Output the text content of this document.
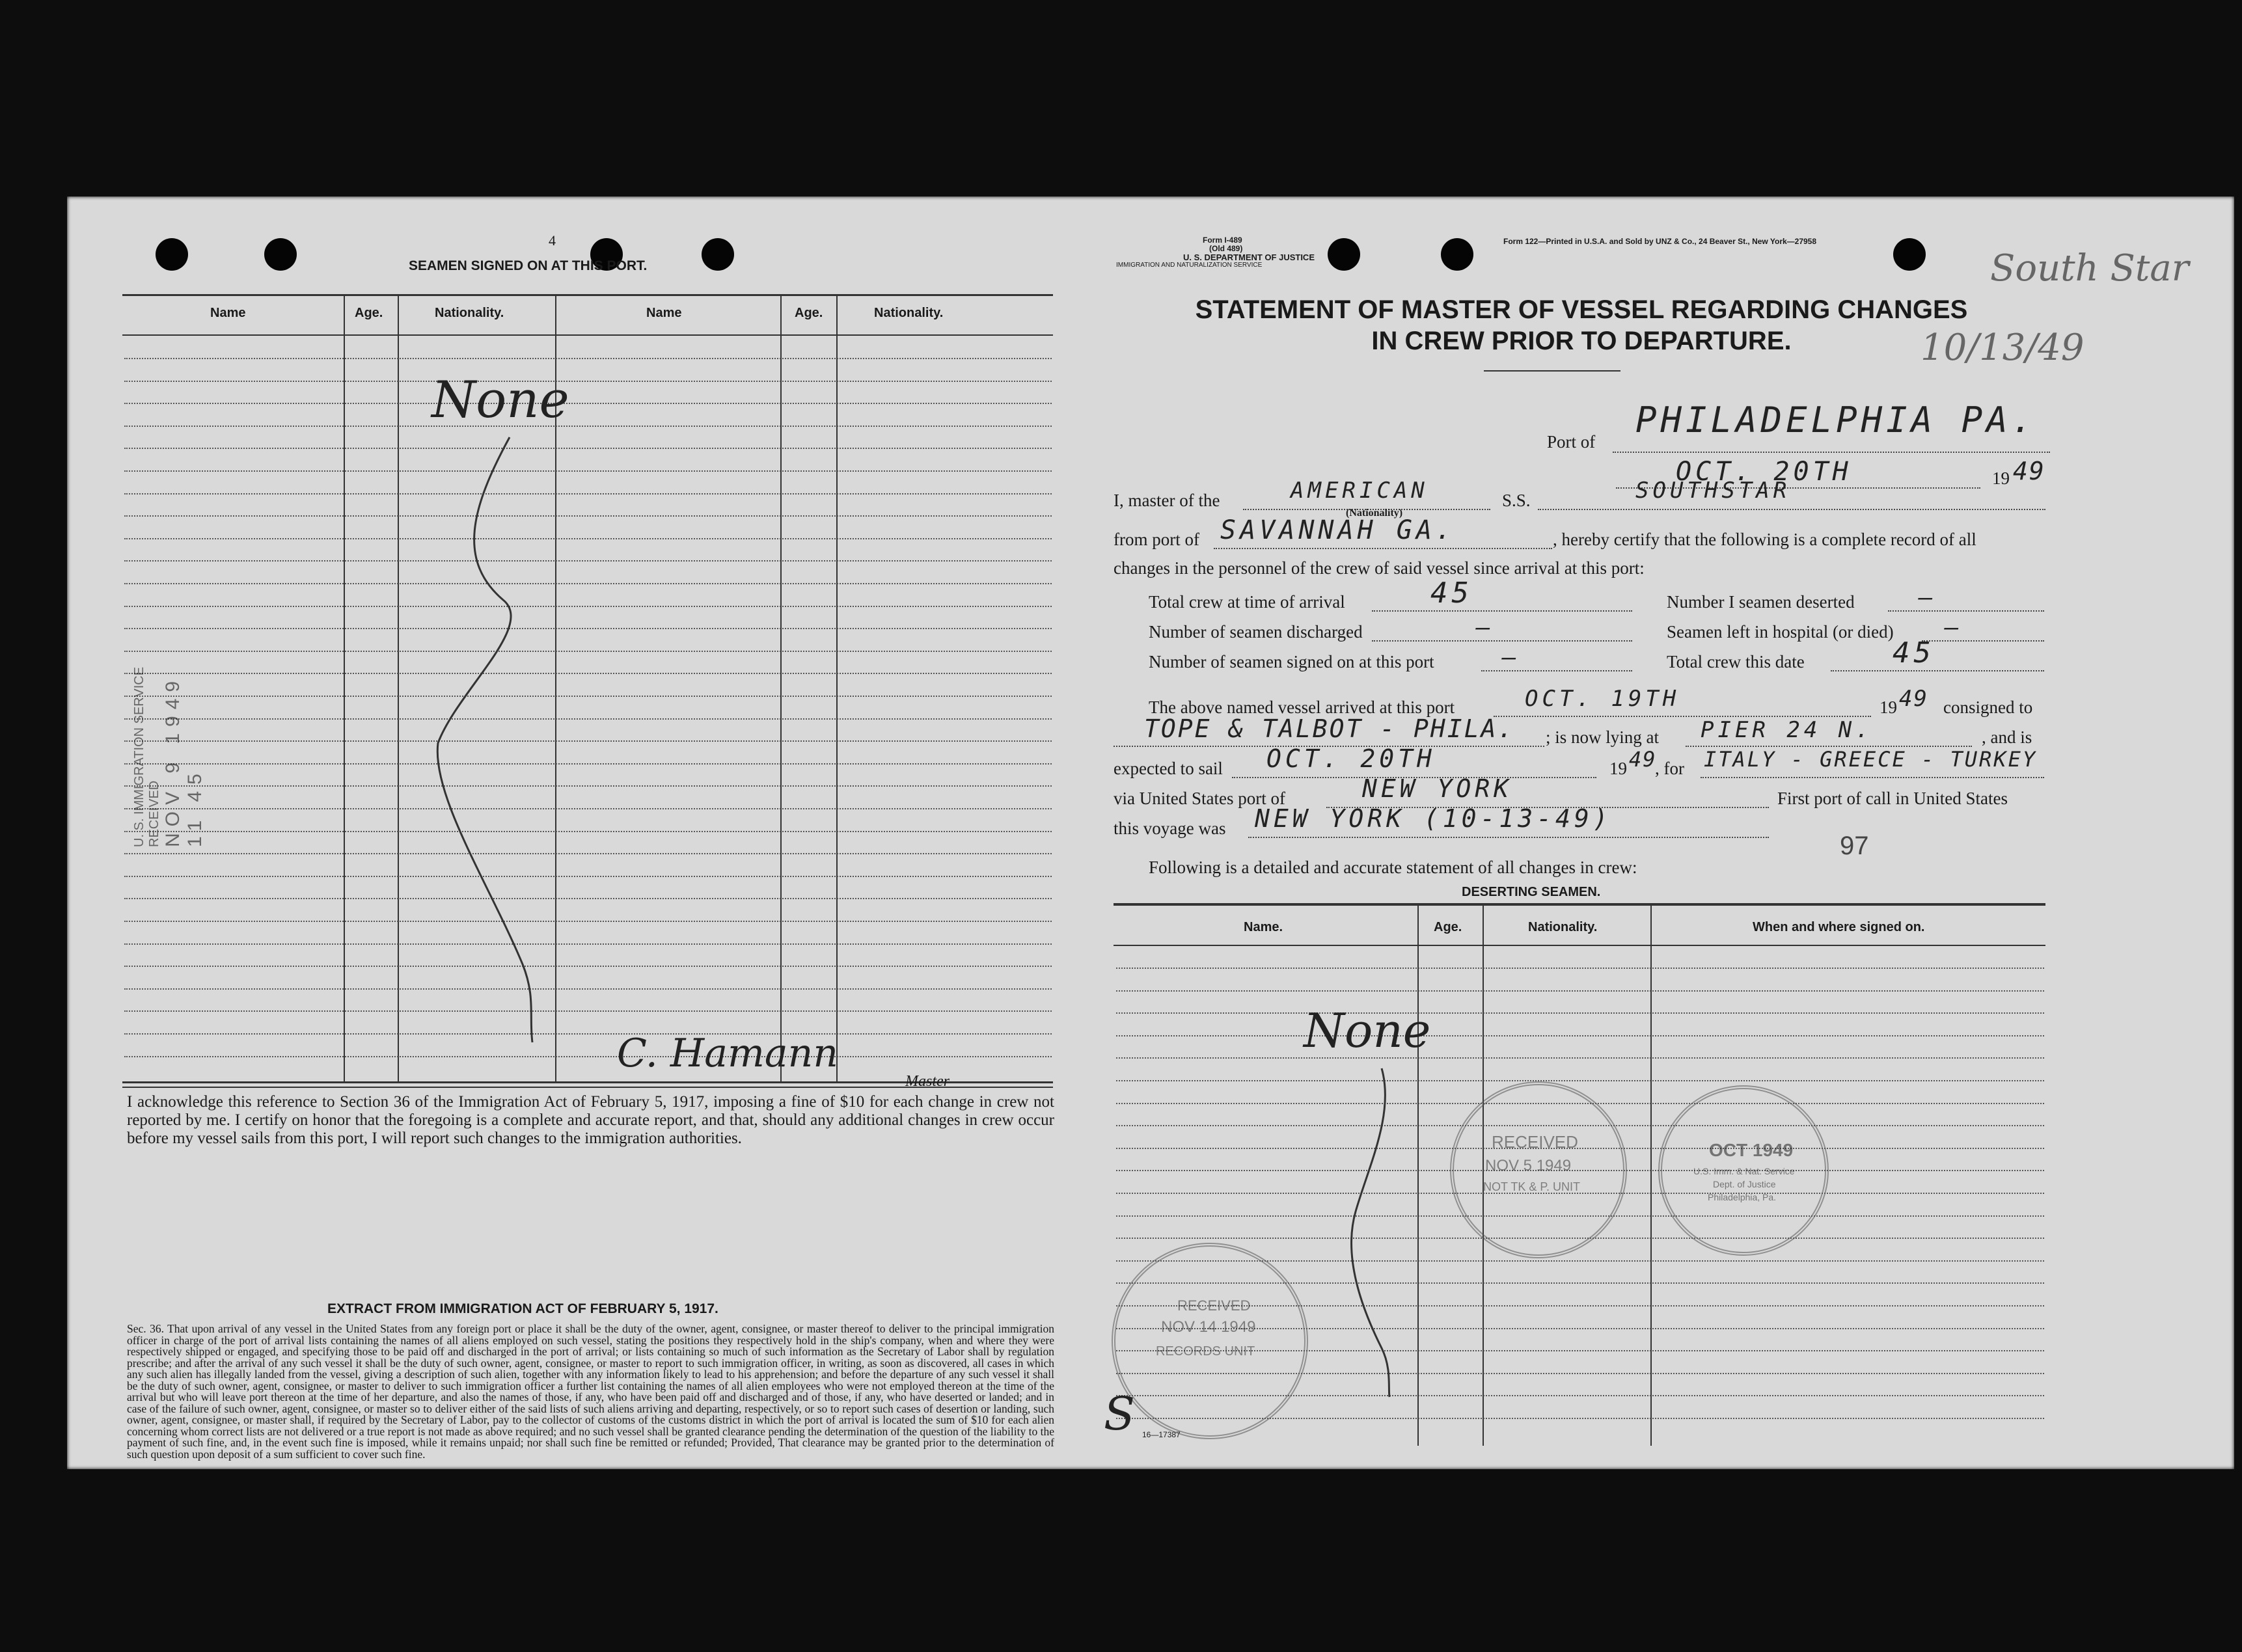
4
SEAMEN SIGNED ON AT THIS PORT.
Name	Age.	Nationality.	Name	Age.	Nationality.
None
U. S. IMMIGRATION SERVICE RECEIVED NOV 9 1949 11 45

I acknowledge this reference to Section 36 of the Immigration Act of February 5, 1917, imposing a fine of $10 for each change in crew not reported by me. I certify on honor that the foregoing is a complete and accurate report, and that, should any additional changes in crew occur before my vessel sails from this port, I will report such changes to the immigration authorities.

C. Hamann
Master
EXTRACT FROM IMMIGRATION ACT OF FEBRUARY 5, 1917.

Sec. 36. That upon arrival of any vessel in the United States from any foreign port or place it shall be the duty of the owner, agent, consignee, or master thereof to deliver to the principal immigration officer in charge of the port of arrival lists containing the names of all aliens employed on such vessel, stating the positions they respectively hold in the ship's company, when and where they were respectively shipped or engaged, and specifying those to be paid off and discharged in the port of arrival; or lists containing so much of such information as the Secretary of Labor shall by regulation prescribe; and after the arrival of any such vessel it shall be the duty of such owner, agent, consignee, or master to report to such immigration officer, in writing, as soon as discovered, all cases in which any such alien has illegally landed from the vessel, giving a description of such alien, together with any information likely to lead to his apprehension; and before the departure of any such vessel it shall be the duty of such owner, agent, consignee, or master to deliver to such immigration officer a further list containing the names of all alien employees who were not employed thereon at the time of the arrival but who will leave port thereon at the time of her departure, and also the names of those, if any, who have been paid off and discharged and of those, if any, who have deserted or landed; and in case of the failure of such owner, agent, consignee, or master so to deliver either of the said lists of such aliens arriving and departing, respectively, or so to report such cases of desertion or landing, such owner, agent, consignee, or master shall, if required by the Secretary of Labor, pay to the collector of customs of the customs district in which the port of arrival is located the sum of $10 for each alien concerning whom correct lists are not delivered or a true report is not made as above required; and no such vessel shall be granted clearance pending the determination of the question of the liability to the payment of such fine, and, in the event such fine is imposed, while it remains unpaid; nor shall such fine be remitted or refunded; Provided, That clearance may be granted prior to the determination of such question upon deposit of a sum sufficient to cover such fine.

Form I-489
(Old 489)
U. S. DEPARTMENT OF JUSTICE
IMMIGRATION AND NATURALIZATION SERVICE
Form 122—Printed in U.S.A. and Sold by UNZ & Co., 24 Beaver St., New York—27958
South Star
10/13/49
STATEMENT OF MASTER OF VESSEL REGARDING CHANGES
IN CREW PRIOR TO DEPARTURE.
Port of
PHILADELPHIA PA.
OCT. 20TH	19 49
I, master of the	AMERICAN
(Nationality)
S.S.	SOUTHSTAR
from port of SAVANNAH GA.	, hereby certify that the following is a complete record of all
changes in the personnel of the crew of said vessel since arrival at this port:
Total crew at time of arrival	45	Number I seamen deserted	—
Number of seamen discharged	—	Seamen left in hospital (or died) —
Number of seamen signed on at this port	—	Total crew this date	45
The above named vessel arrived at this port	OCT. 19TH	19 49 consigned to
TOPE & TALBOT - PHILA. ; is now lying at PIER 24 N.	, and is
expected to sail OCT. 20TH	19 49
, for ITALY - GREECE - TURKEY
via United States port of	NEW YORK	First port of call in United States
this voyage was NEW YORK (10-13-49)
97
Following is a detailed and accurate statement of all changes in crew:
DESERTING SEAMEN.
Name.	Age.	Nationality.	When and where signed on.
None
RECEIVED
NOV 5 1949
NOT TK & P. UNIT
OCT 1949
U.S. Imm. & Nat. Service
Dept. of Justice
Philadelphia, Pa.
RECEIVED
NOV 14 1949
RECORDS UNIT
16—17387
S
